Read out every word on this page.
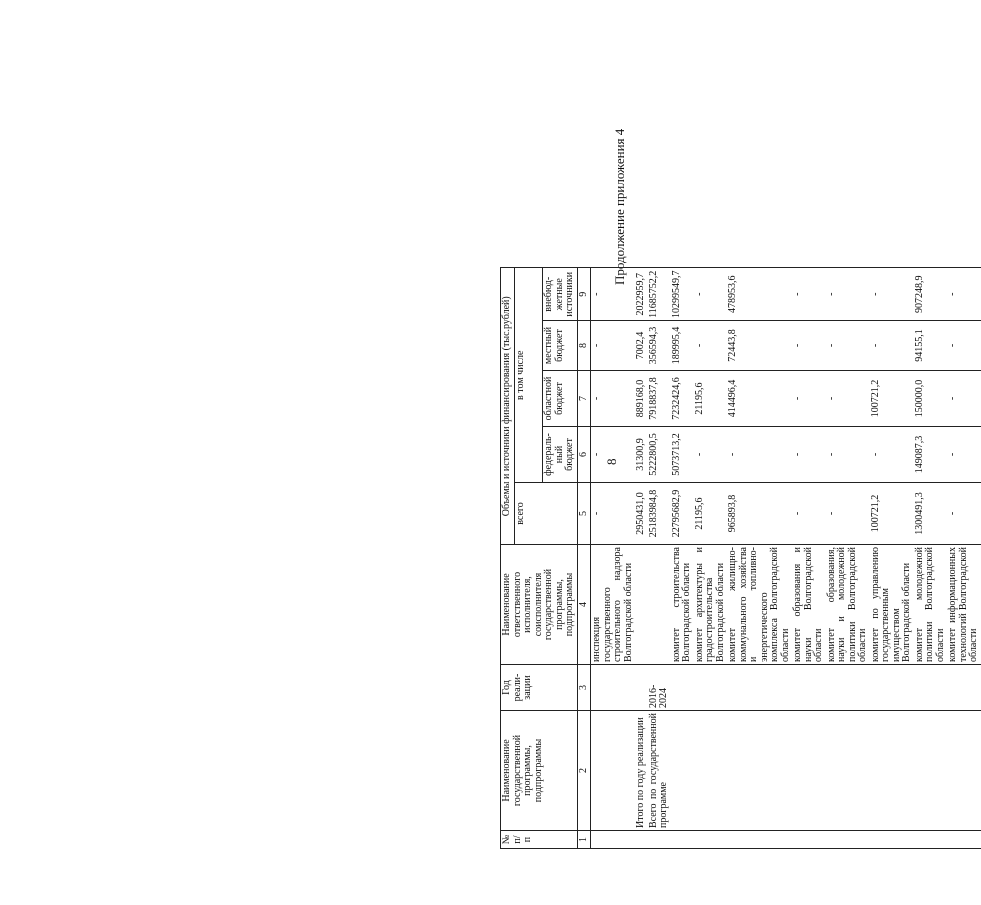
8
Продолжение приложения 4
№ п/п	Наименование государственной программы, подпрограммы	Год реали-зации	Наименование ответственного исполнителя, соисполнителя государственной программы, подпрограммы	Объемы и источники финансирования (тыс.рублей)				
				всего	в том числе			
					федераль-ный бюджет	областной бюджет	местный бюджет	внебюд-жетные источники
1	2	3	4	5	6	7	8	9
			инспекция государственного строительного надзора Волгоградской области	-	-	-	-	-
	Итого по году реализации			2950431,0	31300,9	889168,0	7002,4	2022959,7
	Всего по государственной программе	2016-2024		25183984,8	5222800,5	7918837,8	356594,3	11685752,2
			комитет строительства Волгоградской области	22795682,9	5073713,2	7232424,6	189995,4	10299549,7
			комитет архитектуры и градостроительства Волгоградской области	21195,6	-	21195,6	-	-
			комитет жилищно-коммунального хозяйства и топливно-энергетического комплекса Волгоградской области	965893,8	-	414496,4	72443,8	478953,6
			комитет образования и науки Волгоградской области	-	-	-	-	-
			комитет образования, науки и молодежной политики Волгоградской области	-	-	-	-	-
			комитет по управлению государственным имуществом Волгоградской области	100721,2	-	100721,2	-	-
			комитет молодежной политики Волгоградской области	1300491,3	149087,3	150000,0	94155,1	907248,9
			комитет информационных технологий Волгоградской области	-	-	-	-	-
